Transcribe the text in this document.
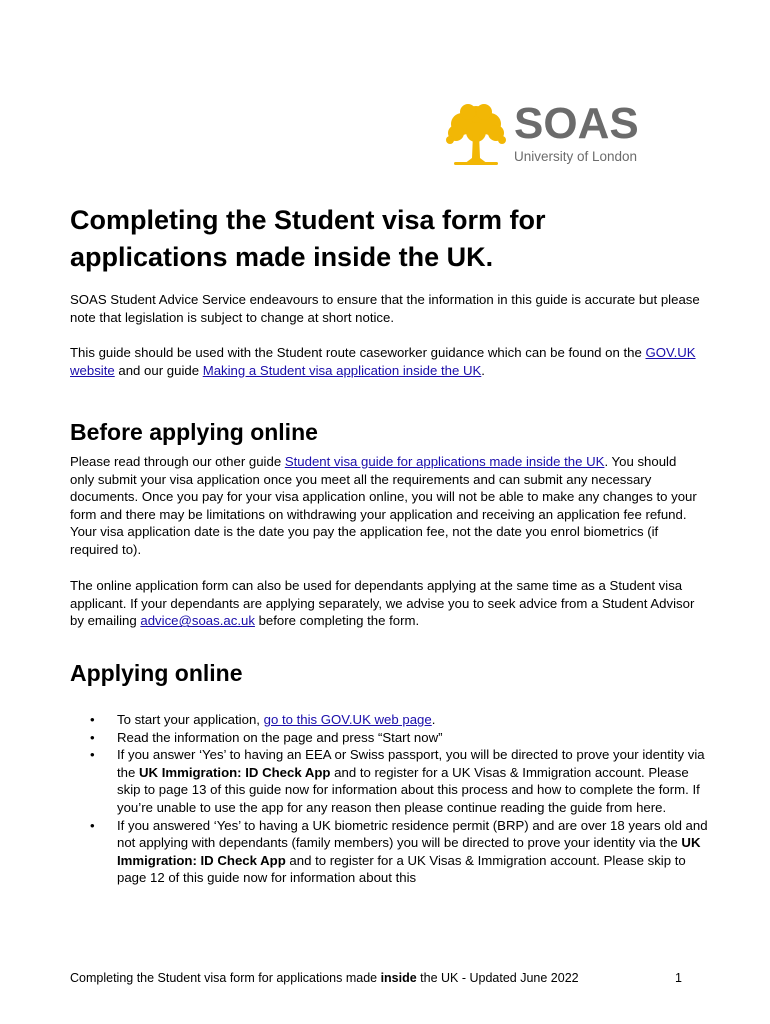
SOAS
University of London
Completing the Student visa form for applications made inside the UK.

SOAS Student Advice Service endeavours to ensure that the information in this guide is accurate but please note that legislation is subject to change at short notice.

This guide should be used with the Student route caseworker guidance which can be found on the GOV.UK website and our guide Making a Student visa application inside the UK.

Before applying online

Please read through our other guide Student visa guide for applications made inside the UK. You should only submit your visa application once you meet all the requirements and can submit any necessary documents. Once you pay for your visa application online, you will not be able to make any changes to your form and there may be limitations on withdrawing your application and receiving an application fee refund. Your visa application date is the date you pay the application fee, not the date you enrol biometrics (if required to).

The online application form can also be used for dependants applying at the same time as a Student visa applicant. If your dependants are applying separately, we advise you to seek advice from a Student Advisor by emailing advice@soas.ac.uk before completing the form.

Applying online
• To start your application, go to this GOV.UK web page.
• Read the information on the page and press “Start now”
• If you answer ‘Yes’ to having an EEA or Swiss passport, you will be directed to prove your identity via the UK Immigration: ID Check App and to register for a UK Visas & Immigration account. Please skip to page 13 of this guide now for information about this process and how to complete the form. If you’re unable to use the app for any reason then please continue reading the guide from here.
• If you answered ‘Yes’ to having a UK biometric residence permit (BRP) and are over 18 years old and not applying with dependants (family members) you will be directed to prove your identity via the UK Immigration: ID Check App and to register for a UK Visas & Immigration account. Please skip to page 12 of this guide now for information about this
Completing the Student visa form for applications made inside the UK - Updated June 2022	1
